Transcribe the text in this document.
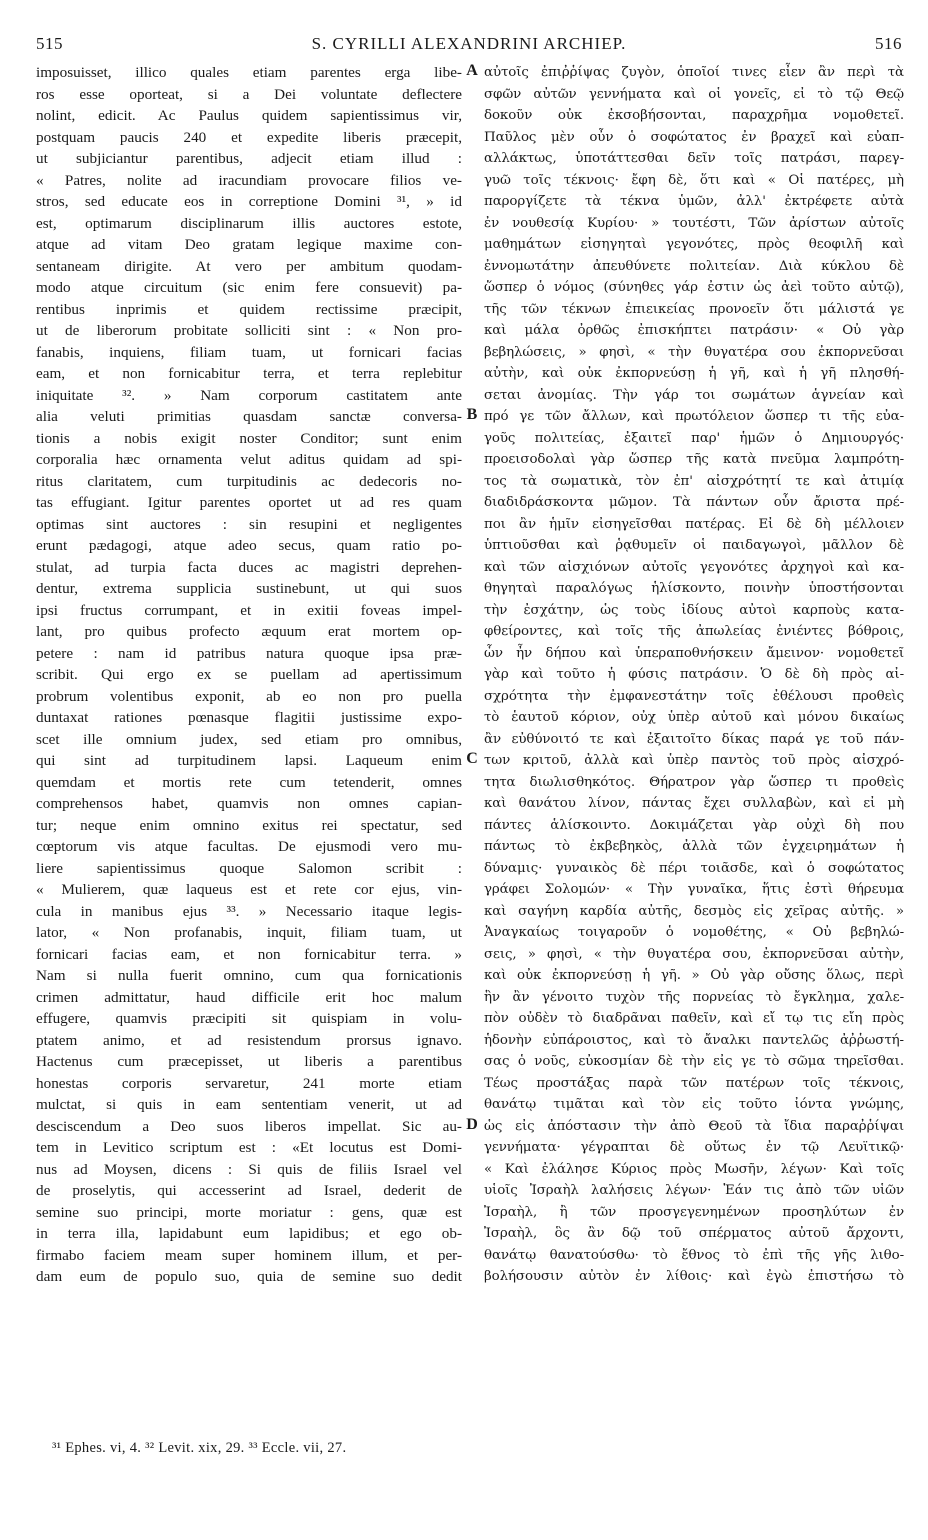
515	S. CYRILLI ALEXANDRINI ARCHIEP.	516
imposuisset, illico quales etiam parentes erga libe-
ros esse oporteat, si a Dei voluntate deflectere
nolint, edicit. Ac Paulus quidem sapientissimus vir,
postquam paucis 240 et expedite liberis præcepit,
ut subjiciantur parentibus, adjecit etiam illud :
« Patres, nolite ad iracundiam provocare filios ve-
stros, sed educate eos in correptione Domini ³¹, » id
est, optimarum disciplinarum illis auctores estote,
atque ad vitam Deo gratam legique maxime con-
sentaneam dirigite. At vero per ambitum quodam-
modo atque circuitum (sic enim fere consuevit) pa-
rentibus inprimis et quidem rectissime præcipit,
ut de liberorum probitate solliciti sint : « Non pro-
fanabis, inquiens, filiam tuam, ut fornicari facias
eam, et non fornicabitur terra, et terra replebitur
iniquitate ³². » Nam corporum castitatem ante
alia veluti primitias quasdam sanctæ conversa-
tionis a nobis exigit noster Conditor; sunt enim
corporalia hæc ornamenta velut aditus quidam ad spi-
ritus claritatem, cum turpitudinis ac dedecoris no-
tas effugiant. Igitur parentes oportet ut ad res quam
optimas sint auctores : sin resupini et negligentes
erunt pædagogi, atque adeo secus, quam ratio po-
stulat, ad turpia facta duces ac magistri deprehen-
dentur, extrema supplicia sustinebunt, ut qui suos
ipsi fructus corrumpant, et in exitii foveas impel-
lant, pro quibus profecto æquum erat mortem op-
petere : nam id patribus natura quoque ipsa præ-
scribit. Qui ergo ex se puellam ad apertissimum
probrum volentibus exponit, ab eo non pro puella
duntaxat rationes pœnasque flagitii justissime expo-
scet ille omnium judex, sed etiam pro omnibus,
qui sint ad turpitudinem lapsi. Laqueum enim
quemdam et mortis rete cum tetenderit, omnes
comprehensos habet, quamvis non omnes capian-
tur; neque enim omnino exitus rei spectatur, sed
cœptorum vis atque facultas. De ejusmodi vero mu-
liere sapientissimus quoque Salomon scribit :
« Mulierem, quæ laqueus est et rete cor ejus, vin-
cula in manibus ejus ³³. » Necessario itaque legis-
lator, « Non profanabis, inquit, filiam tuam, ut
fornicari facias eam, et non fornicabitur terra. »
Nam si nulla fuerit omnino, cum qua fornicationis
crimen admittatur, haud difficile erit hoc malum
effugere, quamvis præcipiti sit quispiam in volu-
ptatem animo, et ad resistendum prorsus ignavo.
Hactenus cum præcepisset, ut liberis a parentibus
honestas corporis servaretur, 241 morte etiam
mulctat, si quis in eam sententiam venerit, ut ad
desciscendum a Deo suos liberos impellat. Sic au-
tem in Levitico scriptum est : «Et locutus est Domi-
nus ad Moysen, dicens : Si quis de filiis Israel vel
de proselytis, qui accesserint ad Israel, dederit de
semine suo principi, morte moriatur : gens, quæ est
in terra illa, lapidabunt eum lapidibus; et ego ob-
firmabo faciem meam super hominem illum, et per-
dam eum de populo suo, quia de semine suo dedit
αὐτοῖς ἐπιῤῥίψας ζυγὸν, ὁποῖοί τινες εἶεν ἂν περὶ τὰ
σφῶν αὐτῶν γεννήματα καὶ οἱ γονεῖς, εἰ τὸ τῷ Θεῷ
δοκοῦν οὐκ ἐκσοβήσονται, παραχρῆμα νομοθετεῖ.
Παῦλος μὲν οὖν ὁ σοφώτατος ἐν βραχεῖ καὶ εὐαπ-
αλλάκτως, ὑποτάττεσθαι δεῖν τοῖς πατράσι, παρεγ-
γυῶ τοῖς τέκνοις· ἔφη δὲ, ὅτι καὶ « Οἱ πατέρες, μὴ
παροργίζετε τὰ τέκνα ὑμῶν, ἀλλ' ἐκτρέφετε αὐτὰ
ἐν νουθεσίᾳ Κυρίου· » τουτέστι, Τῶν ἀρίστων αὐτοῖς
μαθημάτων εἰσηγηταὶ γεγονότες, πρὸς θεοφιλῆ καὶ
ἐννομωτάτην ἀπευθύνετε πολιτείαν. Διὰ κύκλου δὲ
ὥσπερ ὁ νόμος (σύνηθες γάρ ἐστιν ὡς ἀεὶ τοῦτο αὐτῷ),
τῆς τῶν τέκνων ἐπιεικείας προνοεῖν ὅτι μάλιστά γε
καὶ μάλα ὀρθῶς ἐπισκήπτει πατράσιν· « Οὐ γὰρ
βεβηλώσεις, » φησὶ, « τὴν θυγατέρα σου ἐκπορνεῦσαι
αὐτὴν, καὶ οὐκ ἐκπορνεύσῃ ἡ γῆ, καὶ ἡ γῆ πλησθή-
σεται ἀνομίας. Τὴν γάρ τοι σωμάτων ἁγνείαν καὶ
πρό γε τῶν ἄλλων, καὶ πρωτόλειον ὥσπερ τι τῆς εὐα-
γοῦς πολιτείας, ἐξαιτεῖ παρ' ἡμῶν ὁ Δημιουργός·
προεισοδολαὶ γὰρ ὥσπερ τῆς κατὰ πνεῦμα λαμπρότη-
τος τὰ σωματικὰ, τὸν ἐπ' αἰσχρότητί τε καὶ ἀτιμίᾳ
διαδιδράσκοντα μῶμον. Τὰ πάντων οὖν ἄριστα πρέ-
ποι ἂν ἡμῖν εἰσηγεῖσθαι πατέρας. Εἰ δὲ δὴ μέλλοιεν
ὑπτιοῦσθαι καὶ ῥᾳθυμεῖν οἱ παιδαγωγοὶ, μᾶλλον δὲ
καὶ τῶν αἰσχιόνων αὐτοῖς γεγονότες ἀρχηγοὶ καὶ κα-
θηγηταὶ παραλόγως ἡλίσκοντο, ποινὴν ὑποστήσονται
τὴν ἐσχάτην, ὡς τοὺς ἰδίους αὐτοὶ καρποὺς κατα-
φθείροντες, καὶ τοῖς τῆς ἀπωλείας ἐνιέντες βόθροις,
ὧν ἦν δήπου καὶ ὑπεραποθνήσκειν ἄμεινον· νομοθετεῖ
γὰρ καὶ τοῦτο ἡ φύσις πατράσιν. Ὁ δὲ δὴ πρὸς αἰ-
σχρότητα τὴν ἐμφανεστάτην τοῖς ἐθέλουσι προθεὶς
τὸ ἑαυτοῦ κόριον, οὐχ ὑπὲρ αὐτοῦ καὶ μόνου δικαίως
ἂν εὐθύνοιτό τε καὶ ἐξαιτοῖτο δίκας παρά γε τοῦ πάν-
των κριτοῦ, ἀλλὰ καὶ ὑπὲρ παντὸς τοῦ πρὸς αἰσχρό-
τητα διωλισθηκότος. Θήρατρον γὰρ ὥσπερ τι προθεὶς
καὶ θανάτου λίνον, πάντας ἔχει συλλαβὼν, καὶ εἰ μὴ
πάντες ἁλίσκοιντο. Δοκιμάζεται γὰρ οὐχὶ δὴ που
πάντως τὸ ἐκβεβηκὸς, ἀλλὰ τῶν ἐγχειρημάτων ἡ
δύναμις· γυναικὸς δὲ πέρι τοιᾶσδε, καὶ ὁ σοφώτατος
γράφει Σολομών· « Τὴν γυναῖκα, ἥτις ἐστὶ θήρευμα
καὶ σαγήνη καρδία αὐτῆς, δεσμὸς εἰς χεῖρας αὐτῆς. »
Ἀναγκαίως τοιγαροῦν ὁ νομοθέτης, « Οὐ βεβηλώ-
σεις, » φησὶ, « τὴν θυγατέρα σου, ἐκπορνεῦσαι αὐτὴν,
καὶ οὐκ ἐκπορνεύσῃ ἡ γῆ. » Οὐ γὰρ οὔσης ὅλως, περὶ
ἣν ἂν γένοιτο τυχὸν τῆς πορνείας τὸ ἔγκλημα, χαλε-
πὸν οὐδὲν τὸ διαδρᾶναι παθεῖν, καὶ εἴ τῳ τις εἴη πρὸς
ἡδονὴν εὐπάροιστος, καὶ τὸ ἄναλκι παντελῶς ἀῤῥωστή-
σας ὁ νοῦς, εὐκοσμίαν δὲ τὴν εἰς γε τὸ σῶμα τηρεῖσθαι.
Τέως προστάξας παρὰ τῶν πατέρων τοῖς τέκνοις,
θανάτῳ τιμᾶται καὶ τὸν εἰς τοῦτο ἰόντα γνώμης,
ὡς εἰς ἀπόστασιν τὴν ἀπὸ Θεοῦ τὰ ἴδια παραῤῥίψαι
γεννήματα· γέγραπται δὲ οὕτως ἐν τῷ Λευϊτικῷ·
« Καὶ ἐλάλησε Κύριος πρὸς Μωσῆν, λέγων· Καὶ τοῖς
υἱοῖς Ἰσραὴλ λαλήσεις λέγων· Ἐάν τις ἀπὸ τῶν υἱῶν
Ἰσραὴλ, ἢ τῶν προσγεγενημένων προσηλύτων ἐν
Ἰσραὴλ, ὃς ἂν δῷ τοῦ σπέρματος αὐτοῦ ἄρχοντι,
θανάτῳ θανατούσθω· τὸ ἔθνος τὸ ἐπὶ τῆς γῆς λιθο-
βολήσουσιν αὐτὸν ἐν λίθοις· καὶ ἐγὼ ἐπιστήσω τὸ
A
B
C
D
³¹ Ephes. vi, 4. ³² Levit. xix, 29. ³³ Eccle. vii, 27.
